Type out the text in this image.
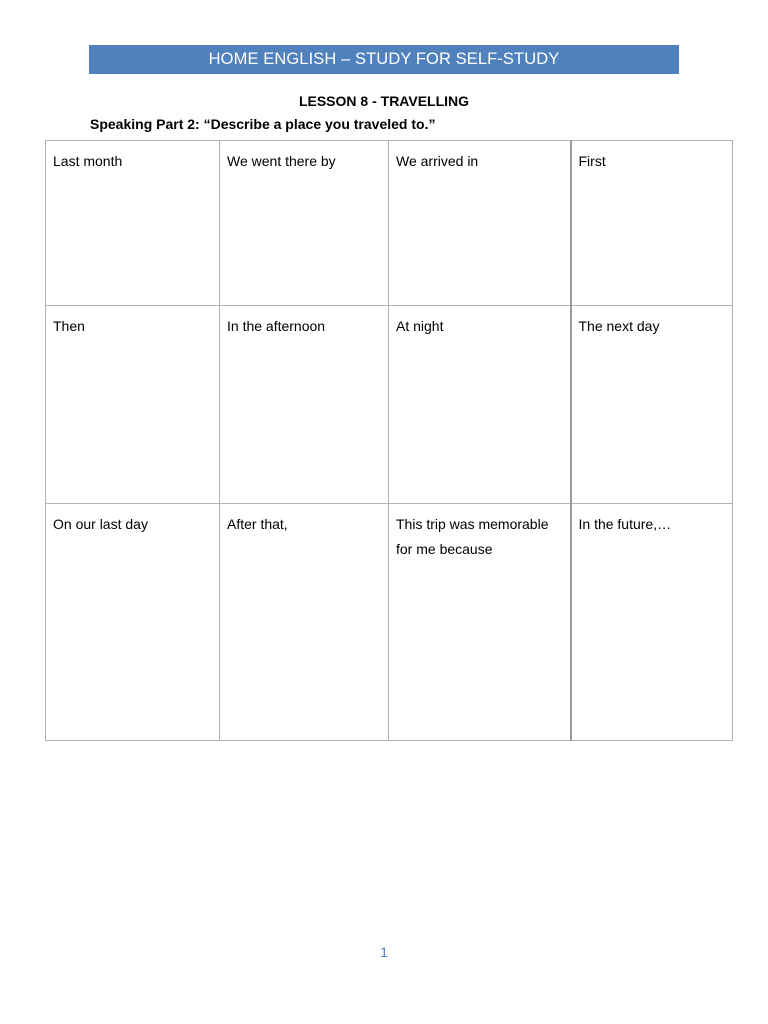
HOME ENGLISH – STUDY FOR SELF-STUDY
LESSON 8 - TRAVELLING
Speaking Part 2: “Describe a place you traveled to.”
Last month	We went there by	We arrived in	First
Then	In the afternoon	At night	The next day
On our last day	After that,	This trip was memorable for me because	In the future,…
1
